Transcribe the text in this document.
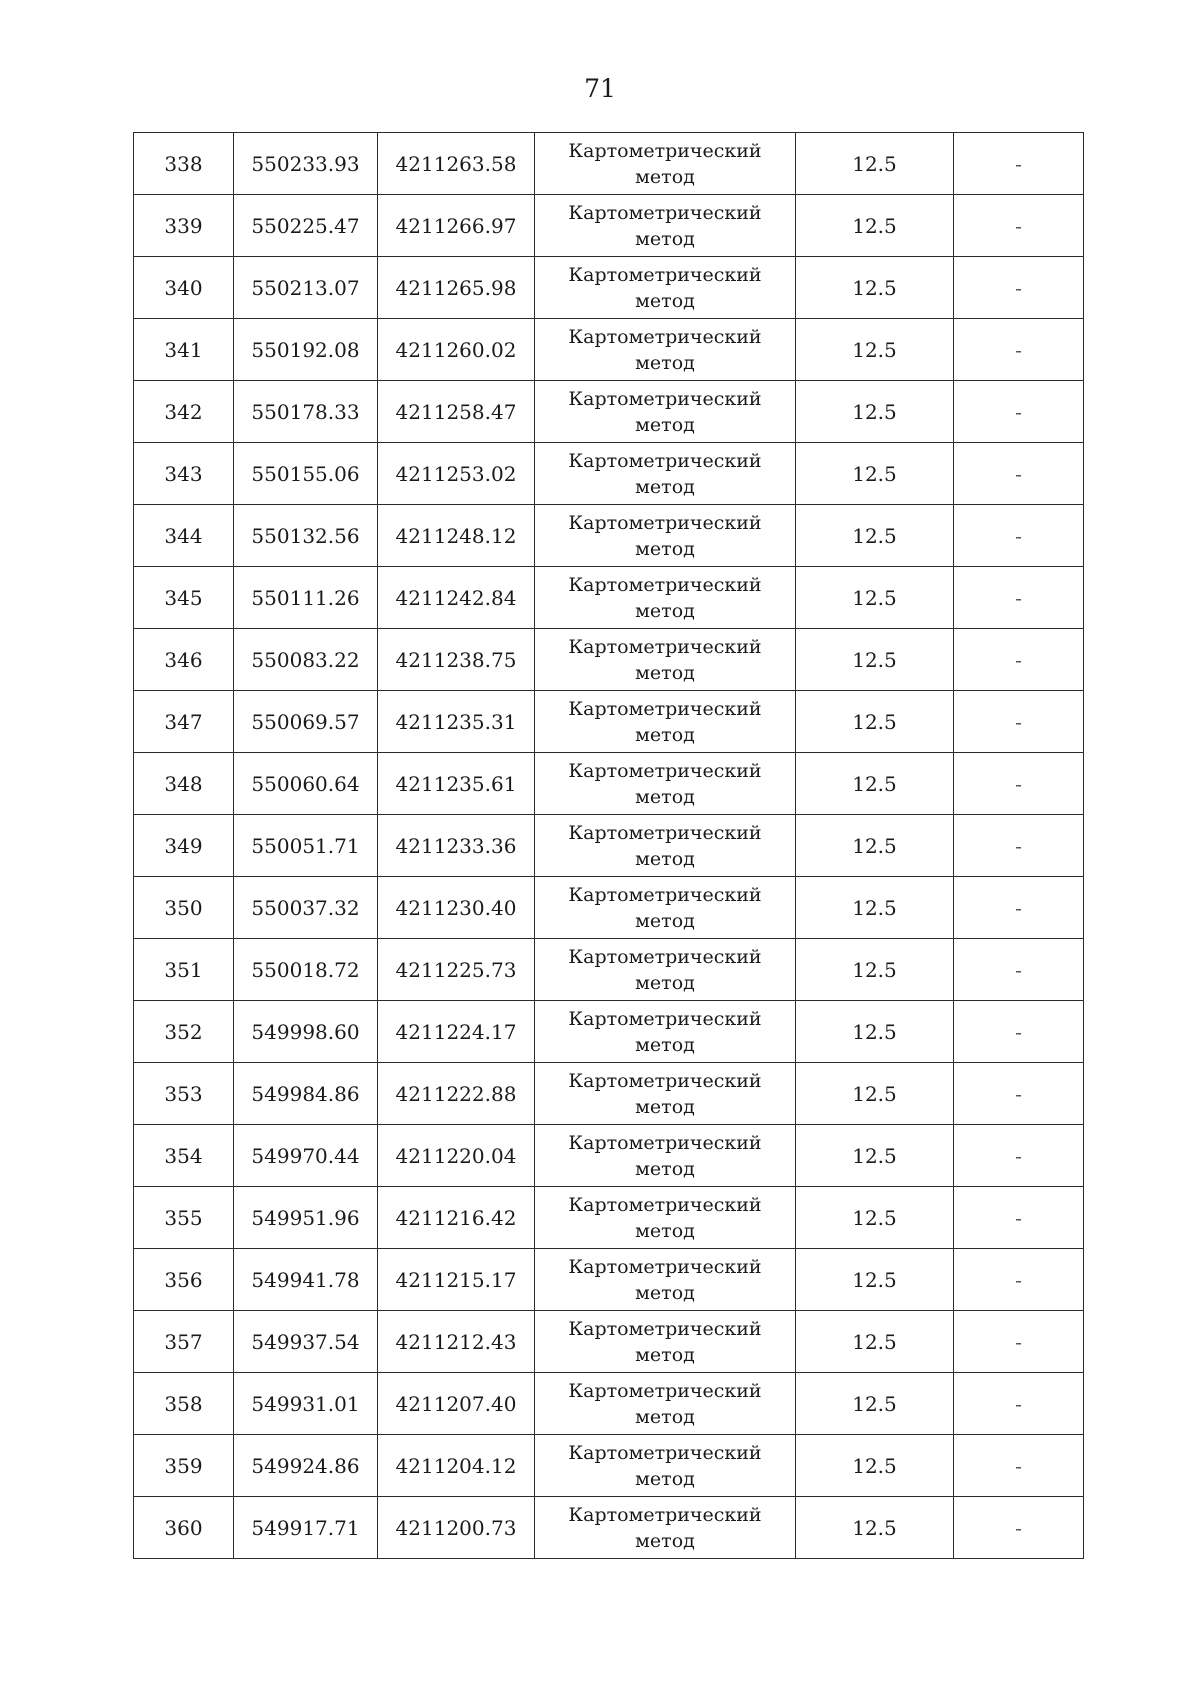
71
338	550233.93	4211263.58	Картометрический метод	12.5	-
339	550225.47	4211266.97	Картометрический метод	12.5	-
340	550213.07	4211265.98	Картометрический метод	12.5	-
341	550192.08	4211260.02	Картометрический метод	12.5	-
342	550178.33	4211258.47	Картометрический метод	12.5	-
343	550155.06	4211253.02	Картометрический метод	12.5	-
344	550132.56	4211248.12	Картометрический метод	12.5	-
345	550111.26	4211242.84	Картометрический метод	12.5	-
346	550083.22	4211238.75	Картометрический метод	12.5	-
347	550069.57	4211235.31	Картометрический метод	12.5	-
348	550060.64	4211235.61	Картометрический метод	12.5	-
349	550051.71	4211233.36	Картометрический метод	12.5	-
350	550037.32	4211230.40	Картометрический метод	12.5	-
351	550018.72	4211225.73	Картометрический метод	12.5	-
352	549998.60	4211224.17	Картометрический метод	12.5	-
353	549984.86	4211222.88	Картометрический метод	12.5	-
354	549970.44	4211220.04	Картометрический метод	12.5	-
355	549951.96	4211216.42	Картометрический метод	12.5	-
356	549941.78	4211215.17	Картометрический метод	12.5	-
357	549937.54	4211212.43	Картометрический метод	12.5	-
358	549931.01	4211207.40	Картометрический метод	12.5	-
359	549924.86	4211204.12	Картометрический метод	12.5	-
360	549917.71	4211200.73	Картометрический метод	12.5	-
